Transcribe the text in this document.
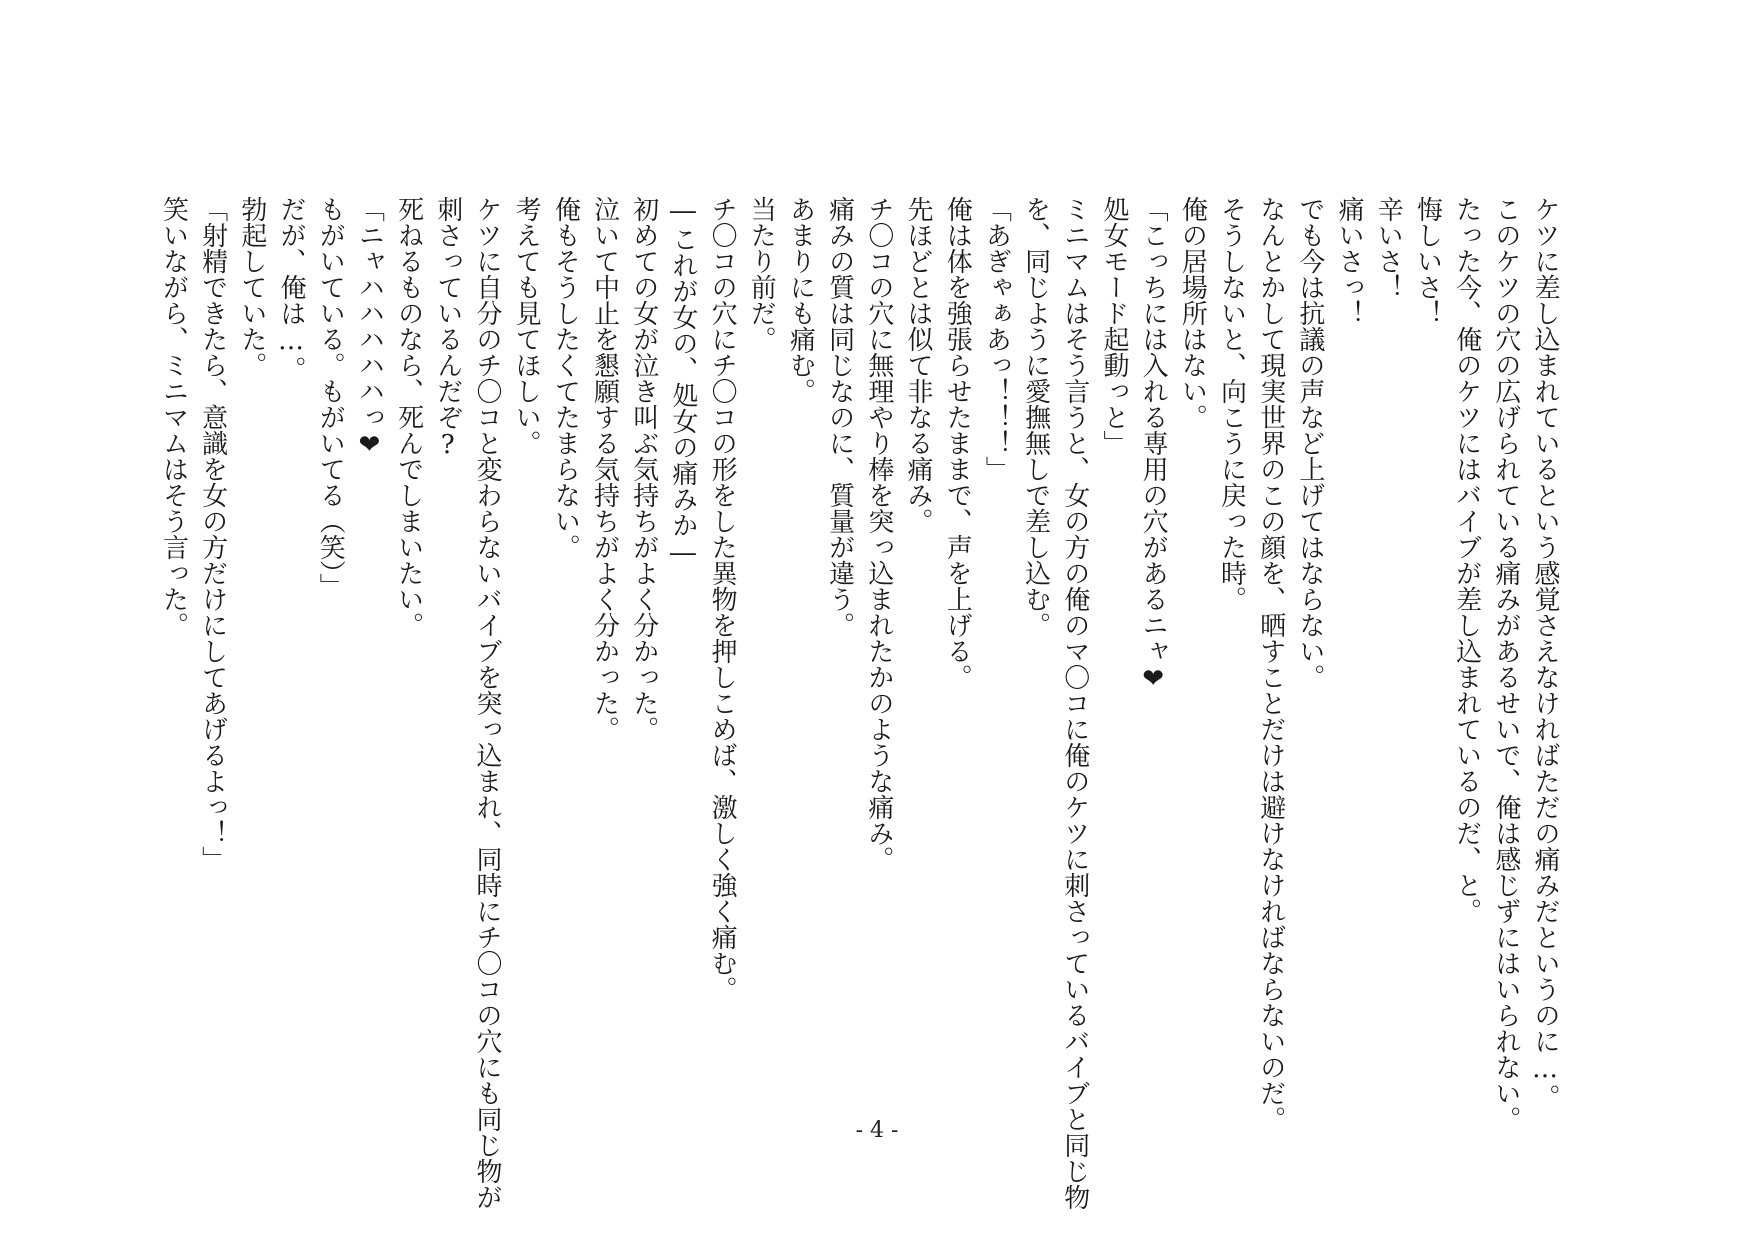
ケツに差し込まれているという感覚さえなければただの痛みだというのに…。
このケツの穴の広げられている痛みがあるせいで、俺は感じずにはいられない。
たった今、俺のケツにはバイブが差し込まれているのだ、と。
悔しいさ！
辛いさ！
痛いさっ！
でも今は抗議の声など上げてはならない。
なんとかして現実世界のこの顔を、晒すことだけは避けなければならないのだ。
そうしないと、向こうに戻った時。
俺の居場所はない。
「こっちには入れる専用の穴があるニャ❤
処女モード起動っと」
ミニマムはそう言うと、女の方の俺のマ〇コに俺のケツに刺さっているバイブと同じ物
を、同じように愛撫無しで差し込む。
「あぎゃぁあっ！！！」
俺は体を強張らせたままで、声を上げる。
先ほどとは似て非なる痛み。
チ〇コの穴に無理やり棒を突っ込まれたかのような痛み。
痛みの質は同じなのに、質量が違う。
あまりにも痛む。
当たり前だ。
チ〇コの穴にチ〇コの形をした異物を押しこめば、激しく強く痛む。
―これが女の、処女の痛みか―
初めての女が泣き叫ぶ気持ちがよく分かった。
泣いて中止を懇願する気持ちがよく分かった。
俺もそうしたくてたまらない。
考えても見てほしい。
ケツに自分のチ〇コと変わらないバイブを突っ込まれ、同時にチ〇コの穴にも同じ物が
刺さっているんだぞ?
死ねるものなら、死んでしまいたい。
「ニャハハハハハっ❤
もがいている。もがいてる（笑）」
だが、俺は…。
勃起していた。
「射精できたら、意識を女の方だけにしてあげるよっ！」
笑いながら、ミニマムはそう言った。
- 4 -
